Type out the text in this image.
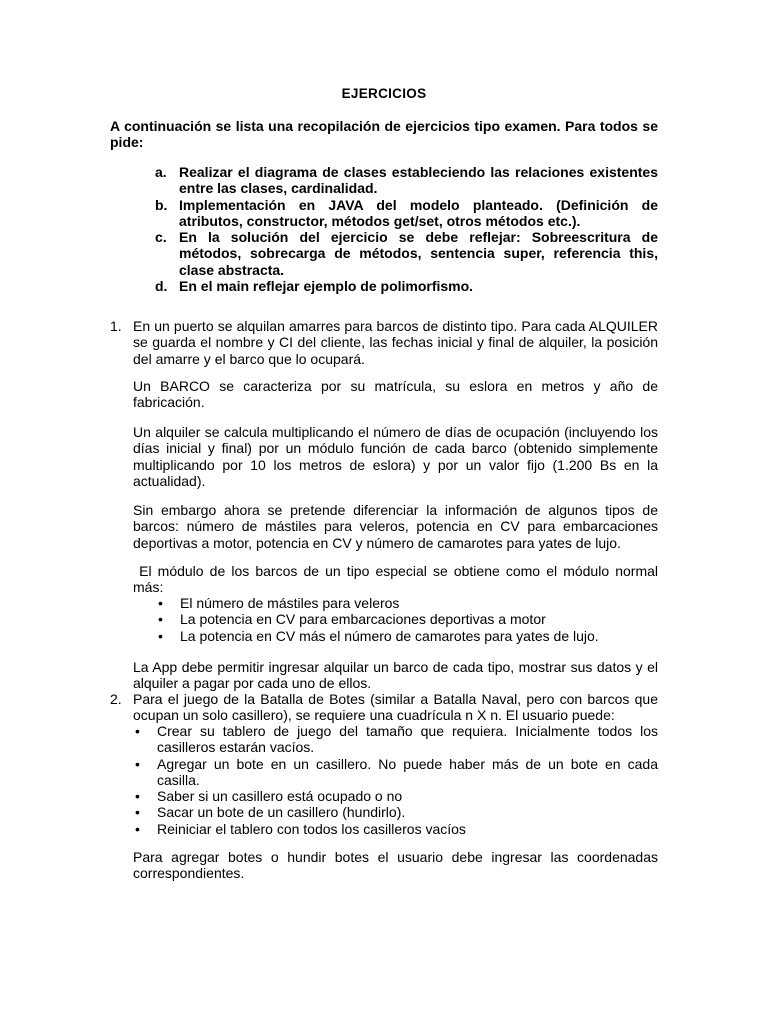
EJERCICIOS
A continuación se lista una recopilación de ejercicios tipo examen. Para todos se pide:
a. Realizar el diagrama de clases estableciendo las relaciones existentes entre las clases, cardinalidad.
b. Implementación en JAVA del modelo planteado. (Definición de atributos, constructor, métodos get/set, otros métodos etc.).
c. En la solución del ejercicio se debe reflejar: Sobreescritura de métodos, sobrecarga de métodos, sentencia super, referencia this, clase abstracta.
d. En el main reflejar ejemplo de polimorfismo.
1. En un puerto se alquilan amarres para barcos de distinto tipo. Para cada ALQUILER se guarda el nombre y CI del cliente, las fechas inicial y final de alquiler, la posición del amarre y el barco que lo ocupará.

Un BARCO se caracteriza por su matrícula, su eslora en metros y año de fabricación.

Un alquiler se calcula multiplicando el número de días de ocupación (incluyendo los días inicial y final) por un módulo función de cada barco (obtenido simplemente multiplicando por 10 los metros de eslora) y por un valor fijo (1.200 Bs en la actualidad).

Sin embargo ahora se pretende diferenciar la información de algunos tipos de barcos: número de mástiles para veleros, potencia en CV para embarcaciones deportivas a motor, potencia en CV y número de camarotes para yates de lujo.

El módulo de los barcos de un tipo especial se obtiene como el módulo normal más:

• El número de mástiles para veleros
• La potencia en CV para embarcaciones deportivas a motor
• La potencia en CV más el número de camarotes para yates de lujo.

La App debe permitir ingresar alquilar un barco de cada tipo, mostrar sus datos y el alquiler a pagar por cada uno de ellos.

2. Para el juego de la Batalla de Botes (similar a Batalla Naval, pero con barcos que ocupan un solo casillero), se requiere una cuadrícula n X n. El usuario puede:

• Crear su tablero de juego del tamaño que requiera. Inicialmente todos los casilleros estarán vacíos.
• Agregar un bote en un casillero. No puede haber más de un bote en cada casilla.
• Saber si un casillero está ocupado o no
• Sacar un bote de un casillero (hundirlo).
• Reiniciar el tablero con todos los casilleros vacíos

Para agregar botes o hundir botes el usuario debe ingresar las coordenadas correspondientes.
